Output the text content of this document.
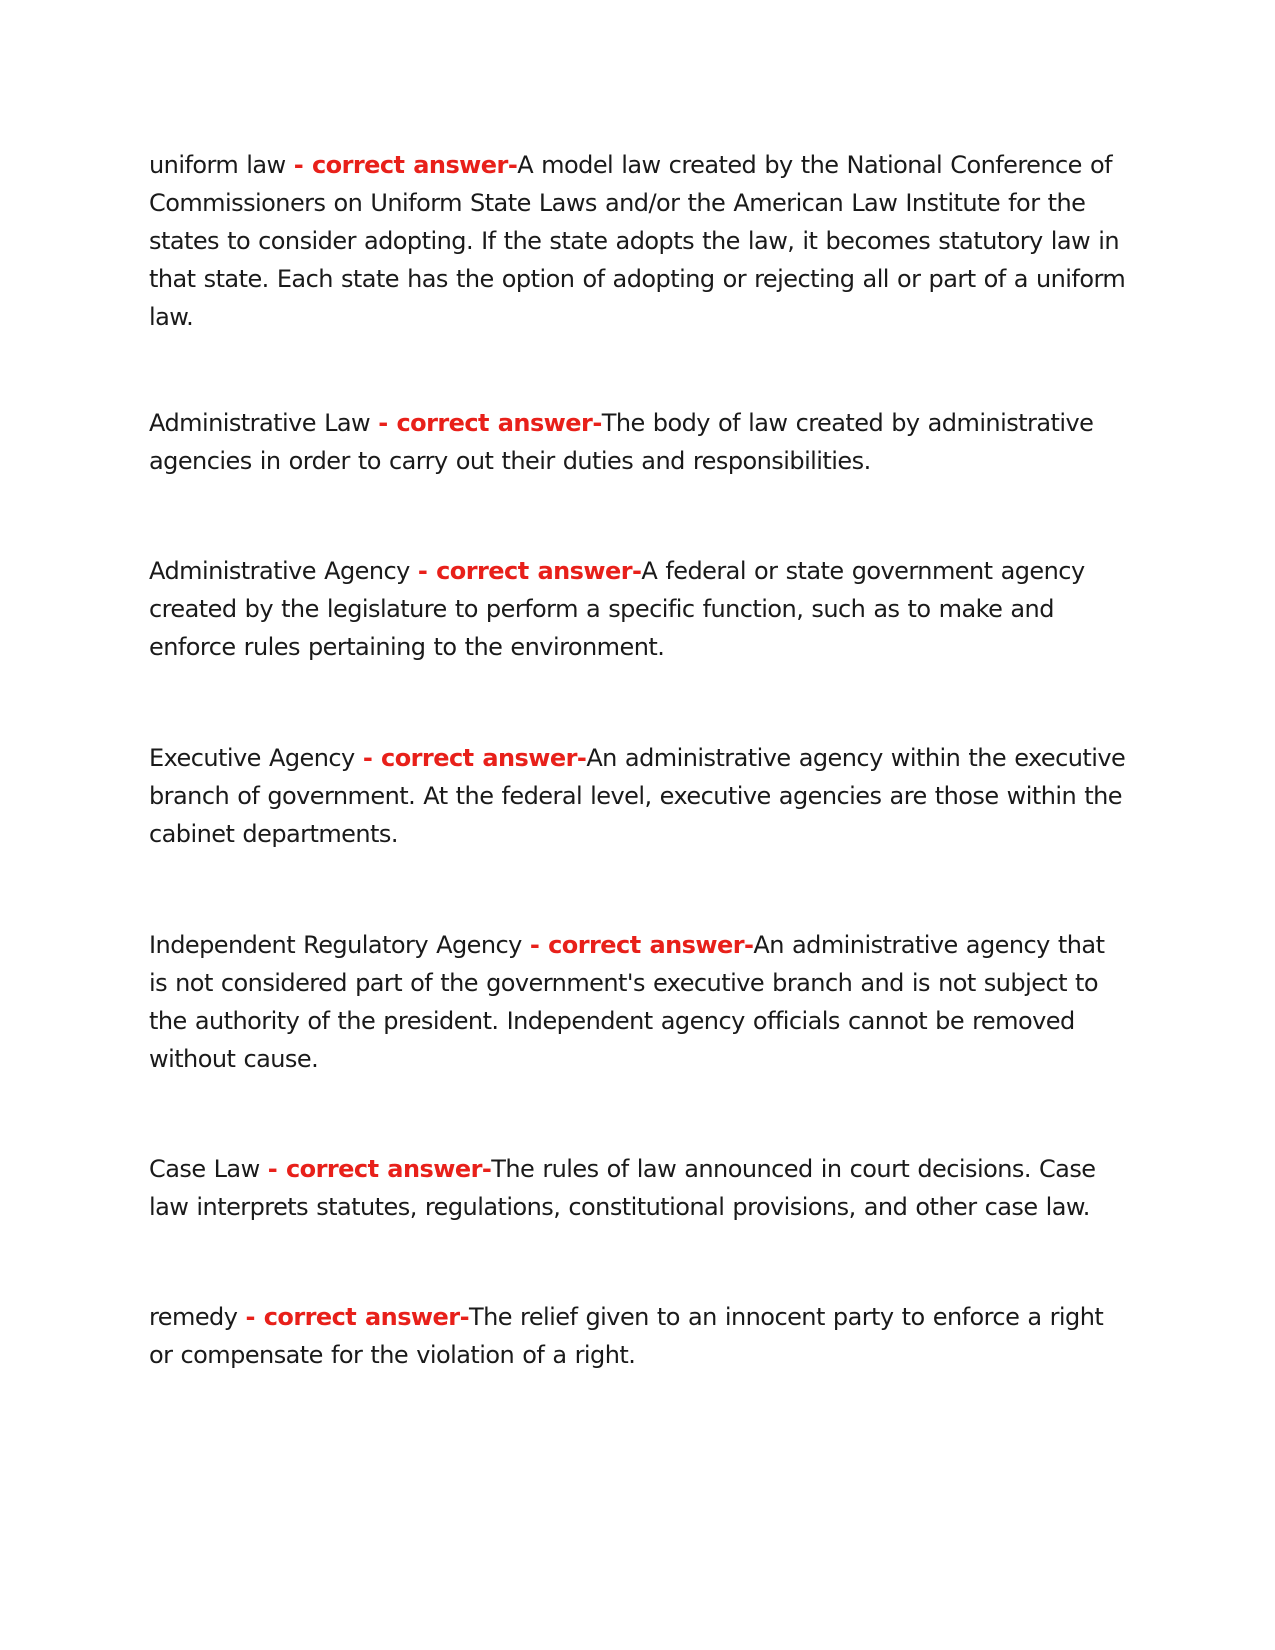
uniform law - correct answer-A model law created by the National Conference of Commissioners on Uniform State Laws and/or the American Law Institute for the states to consider adopting. If the state adopts the law, it becomes statutory law in that state. Each state has the option of adopting or rejecting all or part of a uniform law.

Administrative Law - correct answer-The body of law created by administrative agencies in order to carry out their duties and responsibilities.

Administrative Agency - correct answer-A federal or state government agency created by the legislature to perform a specific function, such as to make and enforce rules pertaining to the environment.

Executive Agency - correct answer-An administrative agency within the executive branch of government. At the federal level, executive agencies are those within the cabinet departments.

Independent Regulatory Agency - correct answer-An administrative agency that is not considered part of the government's executive branch and is not subject to the authority of the president. Independent agency officials cannot be removed without cause.

Case Law - correct answer-The rules of law announced in court decisions. Case law interprets statutes, regulations, constitutional provisions, and other case law.

remedy - correct answer-The relief given to an innocent party to enforce a right or compensate for the violation of a right.
